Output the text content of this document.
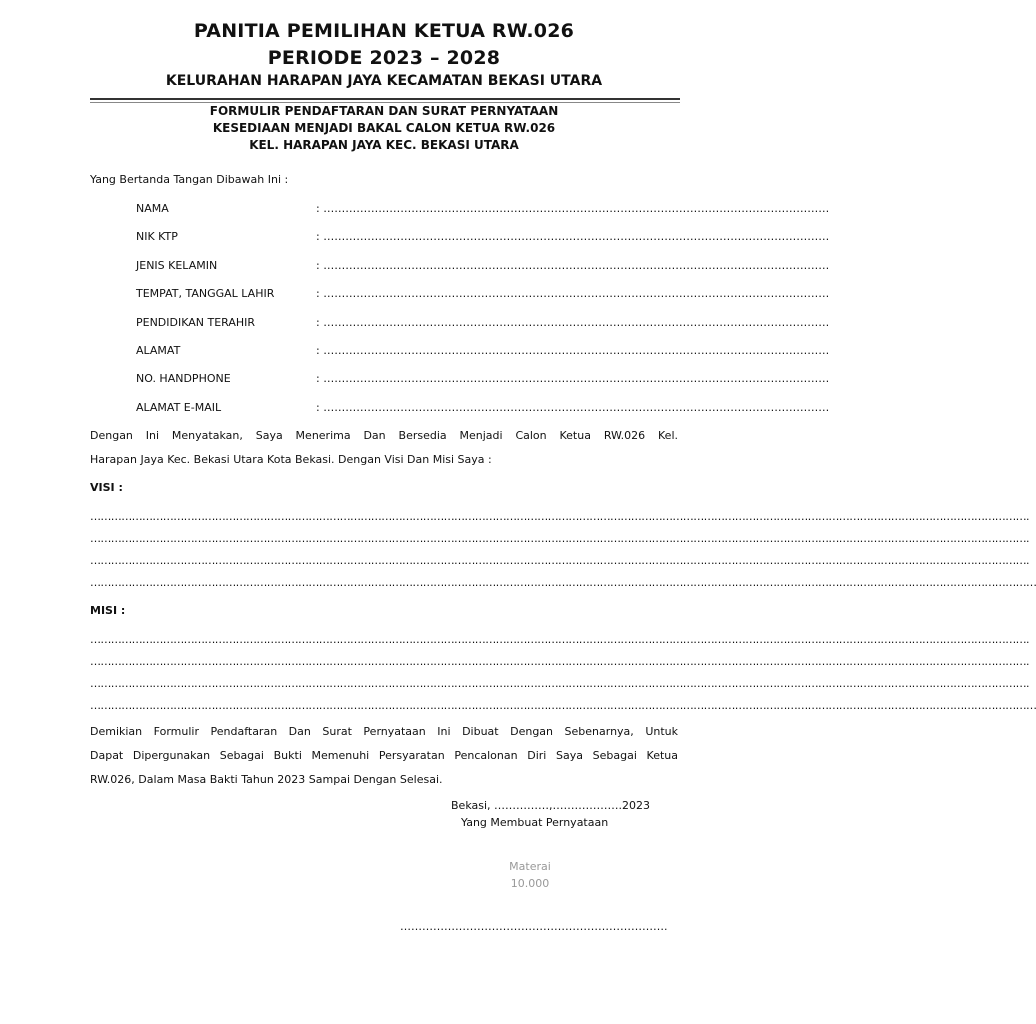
PANITIA PEMILIHAN KETUA RW.026
PERIODE 2023 – 2028
KELURAHAN HARAPAN JAYA KECAMATAN BEKASI UTARA
FORMULIR PENDAFTARAN DAN SURAT PERNYATAAN
KESEDIAAN MENJADI BAKAL CALON KETUA RW.026
KEL. HARAPAN JAYA KEC. BEKASI UTARA
Yang Bertanda Tangan Dibawah Ini :
NAMA	: …………………………………………………………………………………………………………………………
NIK KTP	: …………………………………………………………………………………………………………………………
JENIS KELAMIN	: …………………………………………………………………………………………………………………………
TEMPAT, TANGGAL LAHIR	: …………………………………………………………………………………………………………………………
PENDIDIKAN TERAHIR	: …………………………………………………………………………………………………………………………
ALAMAT	: …………………………………………………………………………………………………………………………
NO. HANDPHONE	: …………………………………………………………………………………………………………………………
ALAMAT E-MAIL	: …………………………………………………………………………………………………………………………
Dengan Ini Menyatakan, Saya Menerima Dan Bersedia Menjadi Calon Ketua RW.026 Kel.
Harapan Jaya Kec. Bekasi Utara Kota Bekasi. Dengan Visi Dan Misi Saya :
VISI :
……………………………………………………………………………………………………………………………………………………………………………………………………………………………………………….
……………………………………………………………………………………………………………………………………………………………………………………………………………………………………………….
……………………………………………………………………………………………………………………………………………………………………………………………………………………………………………….
…………………………………………………………………………………………………………………………………………………………………………………………………………………………………………………
MISI :
……………………………………………………………………………………………………………………………………………………………………………………………………………………………………………….
……………………………………………………………………………………………………………………………………………………………………………………………………………………………………………….
……………………………………………………………………………………………………………………………………………………………………………………………………………………………………………….
…………………………………………………………………………………………………………………………………………………………………………………………………………………………………………………
Demikian Formulir Pendaftaran Dan Surat Pernyataan Ini Dibuat Dengan Sebenarnya, Untuk
Dapat Dipergunakan Sebagai Bukti Memenuhi Persyaratan Pencalonan Diri Saya Sebagai Ketua
RW.026, Dalam Masa Bakti Tahun 2023 Sampai Dengan Selesai.
Bekasi, ……………,……………….2023
Yang Membuat Pernyataan
Materai
10.000
……………………………………………………………….
